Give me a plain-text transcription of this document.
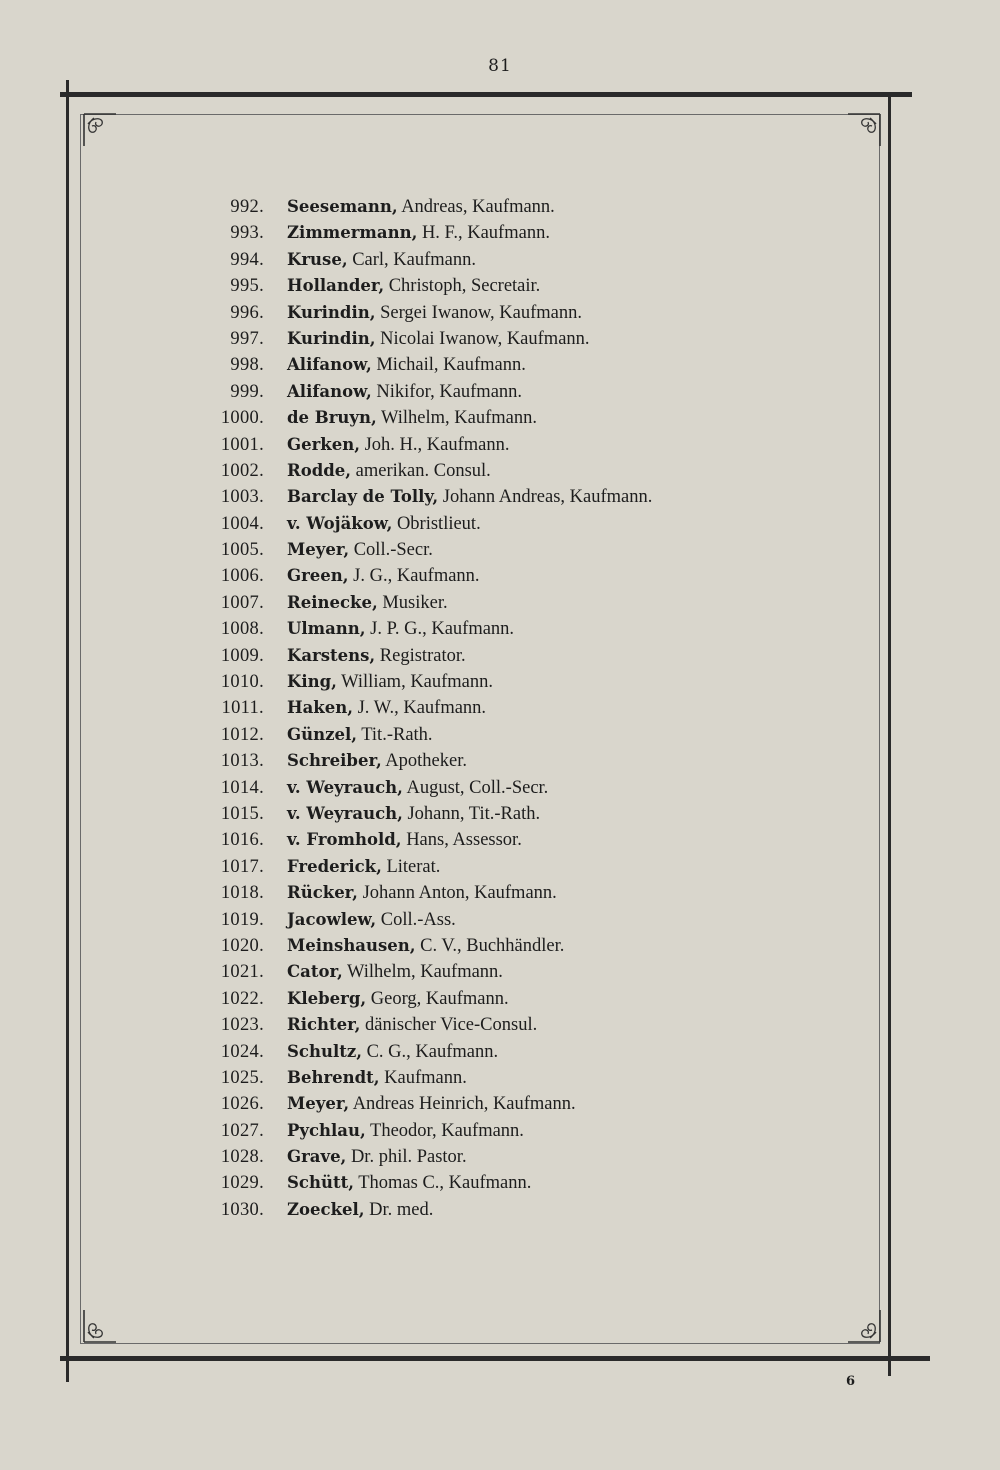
81
992. Seesemann, Andreas, Kaufmann.
993. Zimmermann, H. F., Kaufmann.
994. Kruse, Carl, Kaufmann.
995. Hollander, Christoph, Secretair.
996. Kurindin, Sergei Iwanow, Kaufmann.
997. Kurindin, Nicolai Iwanow, Kaufmann.
998. Alifanow, Michail, Kaufmann.
999. Alifanow, Nikifor, Kaufmann.
1000. de Bruyn, Wilhelm, Kaufmann.
1001. Gerken, Joh. H., Kaufmann.
1002. Rodde, amerikan. Consul.
1003. Barclay de Tolly, Johann Andreas, Kaufmann.
1004. v. Wojäkow, Obristlieut.
1005. Meyer, Coll.-Secr.
1006. Green, J. G., Kaufmann.
1007. Reinecke, Musiker.
1008. Ulmann, J. P. G., Kaufmann.
1009. Karstens, Registrator.
1010. King, William, Kaufmann.
1011. Haken, J. W., Kaufmann.
1012. Günzel, Tit.-Rath.
1013. Schreiber, Apotheker.
1014. v. Weyrauch, August, Coll.-Secr.
1015. v. Weyrauch, Johann, Tit.-Rath.
1016. v. Fromhold, Hans, Assessor.
1017. Frederick, Literat.
1018. Rücker, Johann Anton, Kaufmann.
1019. Jacowlew, Coll.-Ass.
1020. Meinshausen, C. V., Buchhändler.
1021. Cator, Wilhelm, Kaufmann.
1022. Kleberg, Georg, Kaufmann.
1023. Richter, dänischer Vice-Consul.
1024. Schultz, C. G., Kaufmann.
1025. Behrendt, Kaufmann.
1026. Meyer, Andreas Heinrich, Kaufmann.
1027. Pychlau, Theodor, Kaufmann.
1028. Grave, Dr. phil. Pastor.
1029. Schütt, Thomas C., Kaufmann.
1030. Zoeckel, Dr. med.
6
